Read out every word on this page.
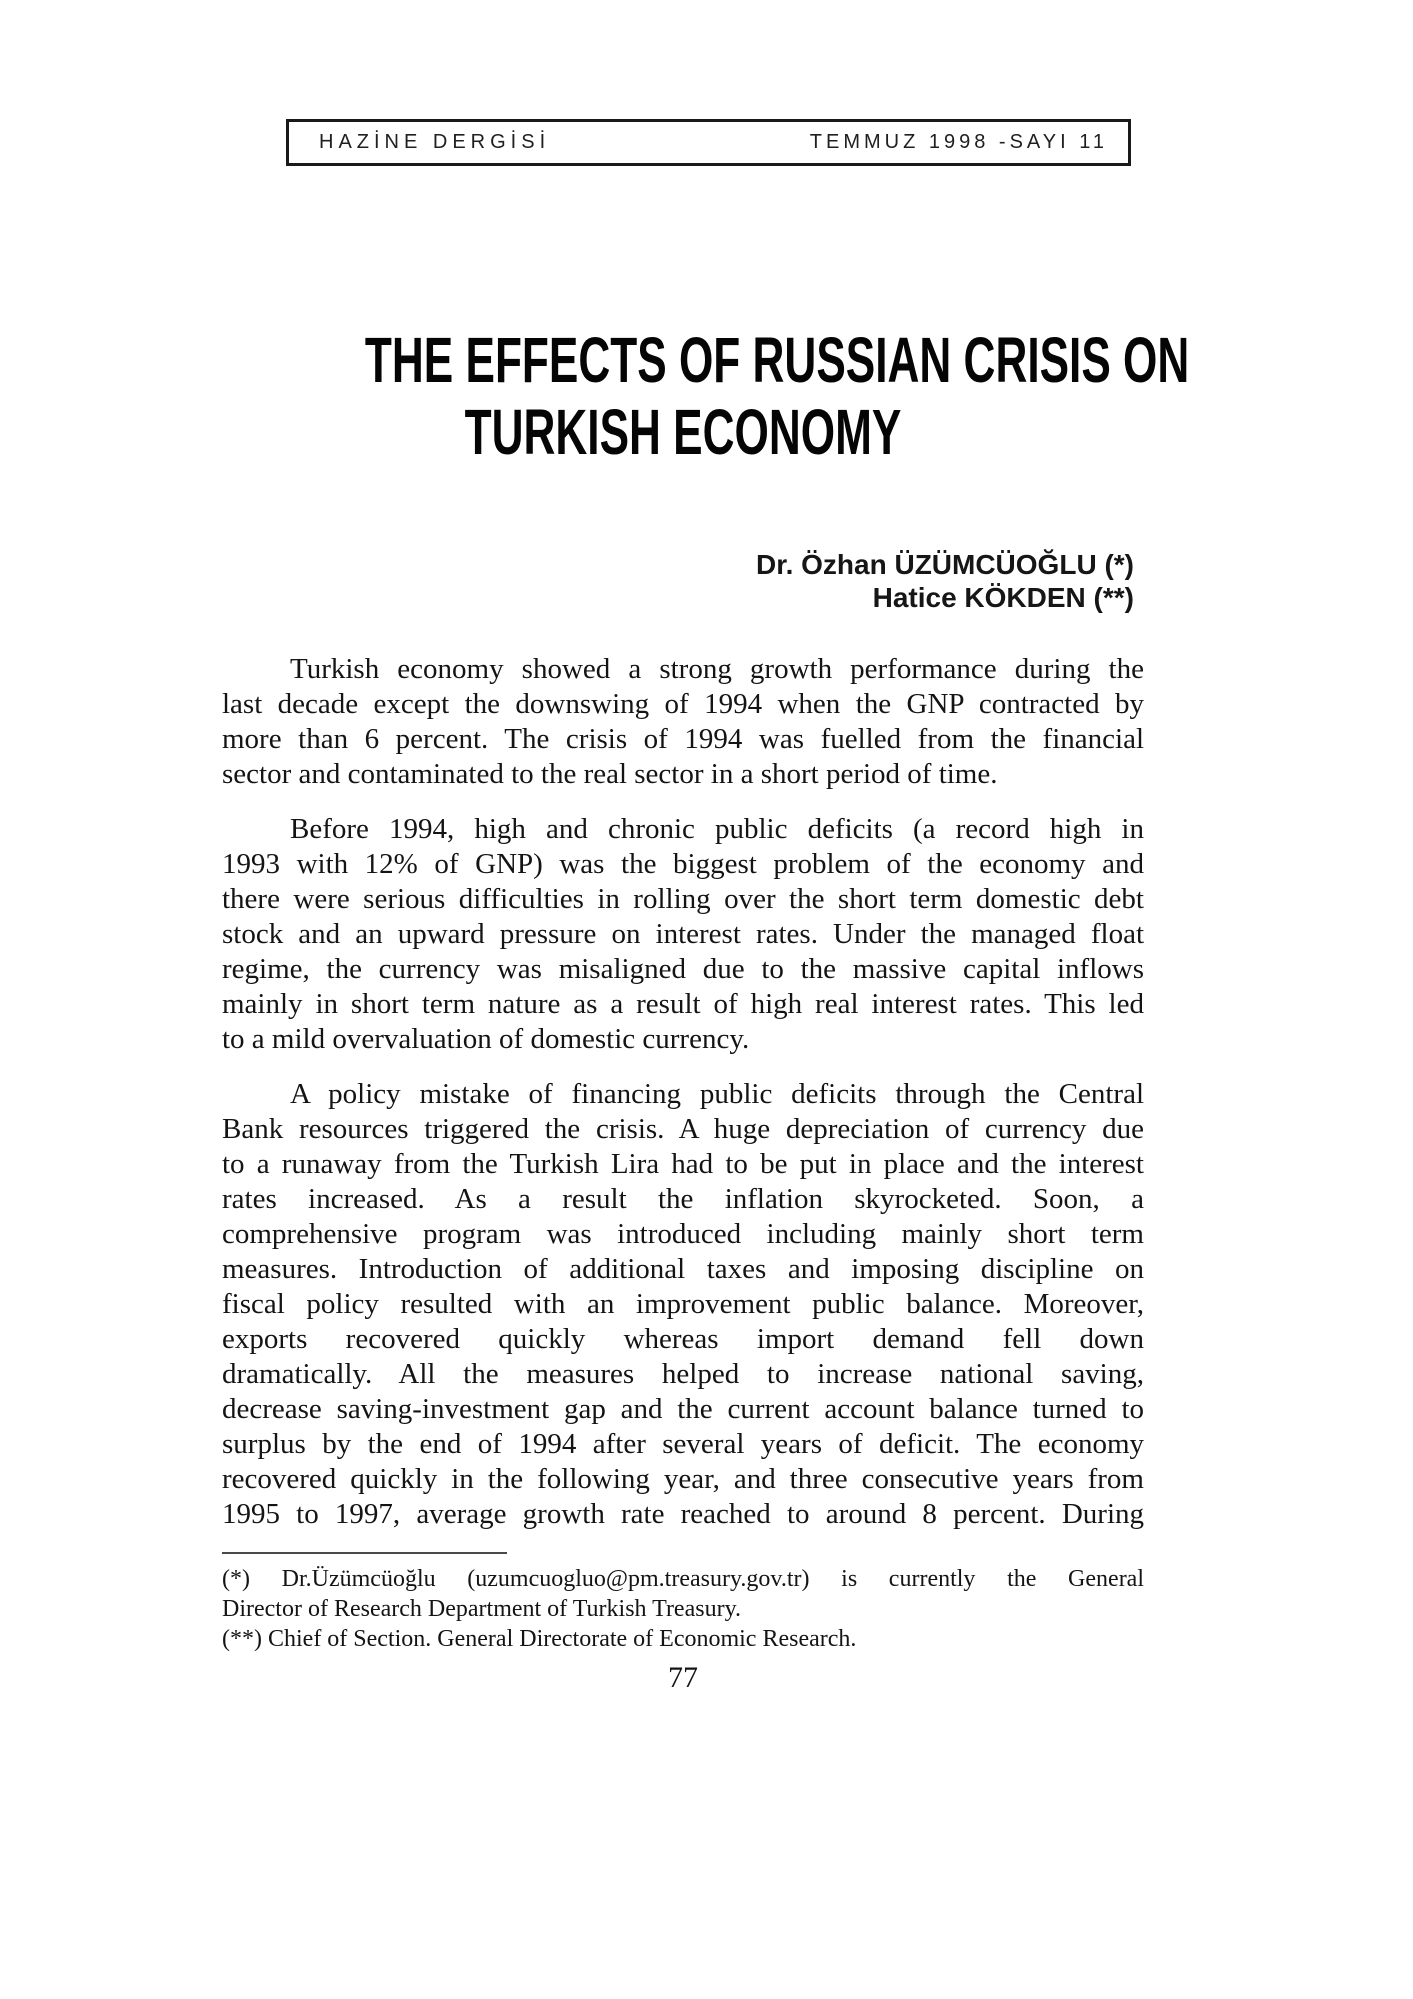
HAZİNE DERGİSİ	TEMMUZ 1998 -SAYI 11
THE EFFECTS OF RUSSIAN CRISIS ON
TURKISH ECONOMY
Dr. Özhan ÜZÜMCÜOĞLU (*)
Hatice KÖKDEN (**)
Turkish economy showed a strong growth performance during the
last decade except the downswing of 1994 when the GNP contracted by
more than 6 percent. The crisis of 1994 was fuelled from the financial
sector and contaminated to the real sector in a short period of time.
Before 1994, high and chronic public deficits (a record high in
1993 with 12% of GNP) was the biggest problem of the economy and
there were serious difficulties in rolling over the short term domestic debt
stock and an upward pressure on interest rates. Under the managed float
regime, the currency was misaligned due to the massive capital inflows
mainly in short term nature as a result of high real interest rates. This led
to a mild overvaluation of domestic currency.
A policy mistake of financing public deficits through the Central
Bank resources triggered the crisis. A huge depreciation of currency due
to a runaway from the Turkish Lira had to be put in place and the interest
rates increased. As a result the inflation skyrocketed. Soon, a
comprehensive program was introduced including mainly short term
measures. Introduction of additional taxes and imposing discipline on
fiscal policy resulted with an improvement public balance. Moreover,
exports recovered quickly whereas import demand fell down
dramatically. All the measures helped to increase national saving,
decrease saving-investment gap and the current account balance turned to
surplus by the end of 1994 after several years of deficit. The economy
recovered quickly in the following year, and three consecutive years from
1995 to 1997, average growth rate reached to around 8 percent. During
(*) Dr.Üzümcüoğlu (uzumcuogluo@pm.treasury.gov.tr) is currently the General
Director of Research Department of Turkish Treasury.
(**) Chief of Section. General Directorate of Economic Research.
77
